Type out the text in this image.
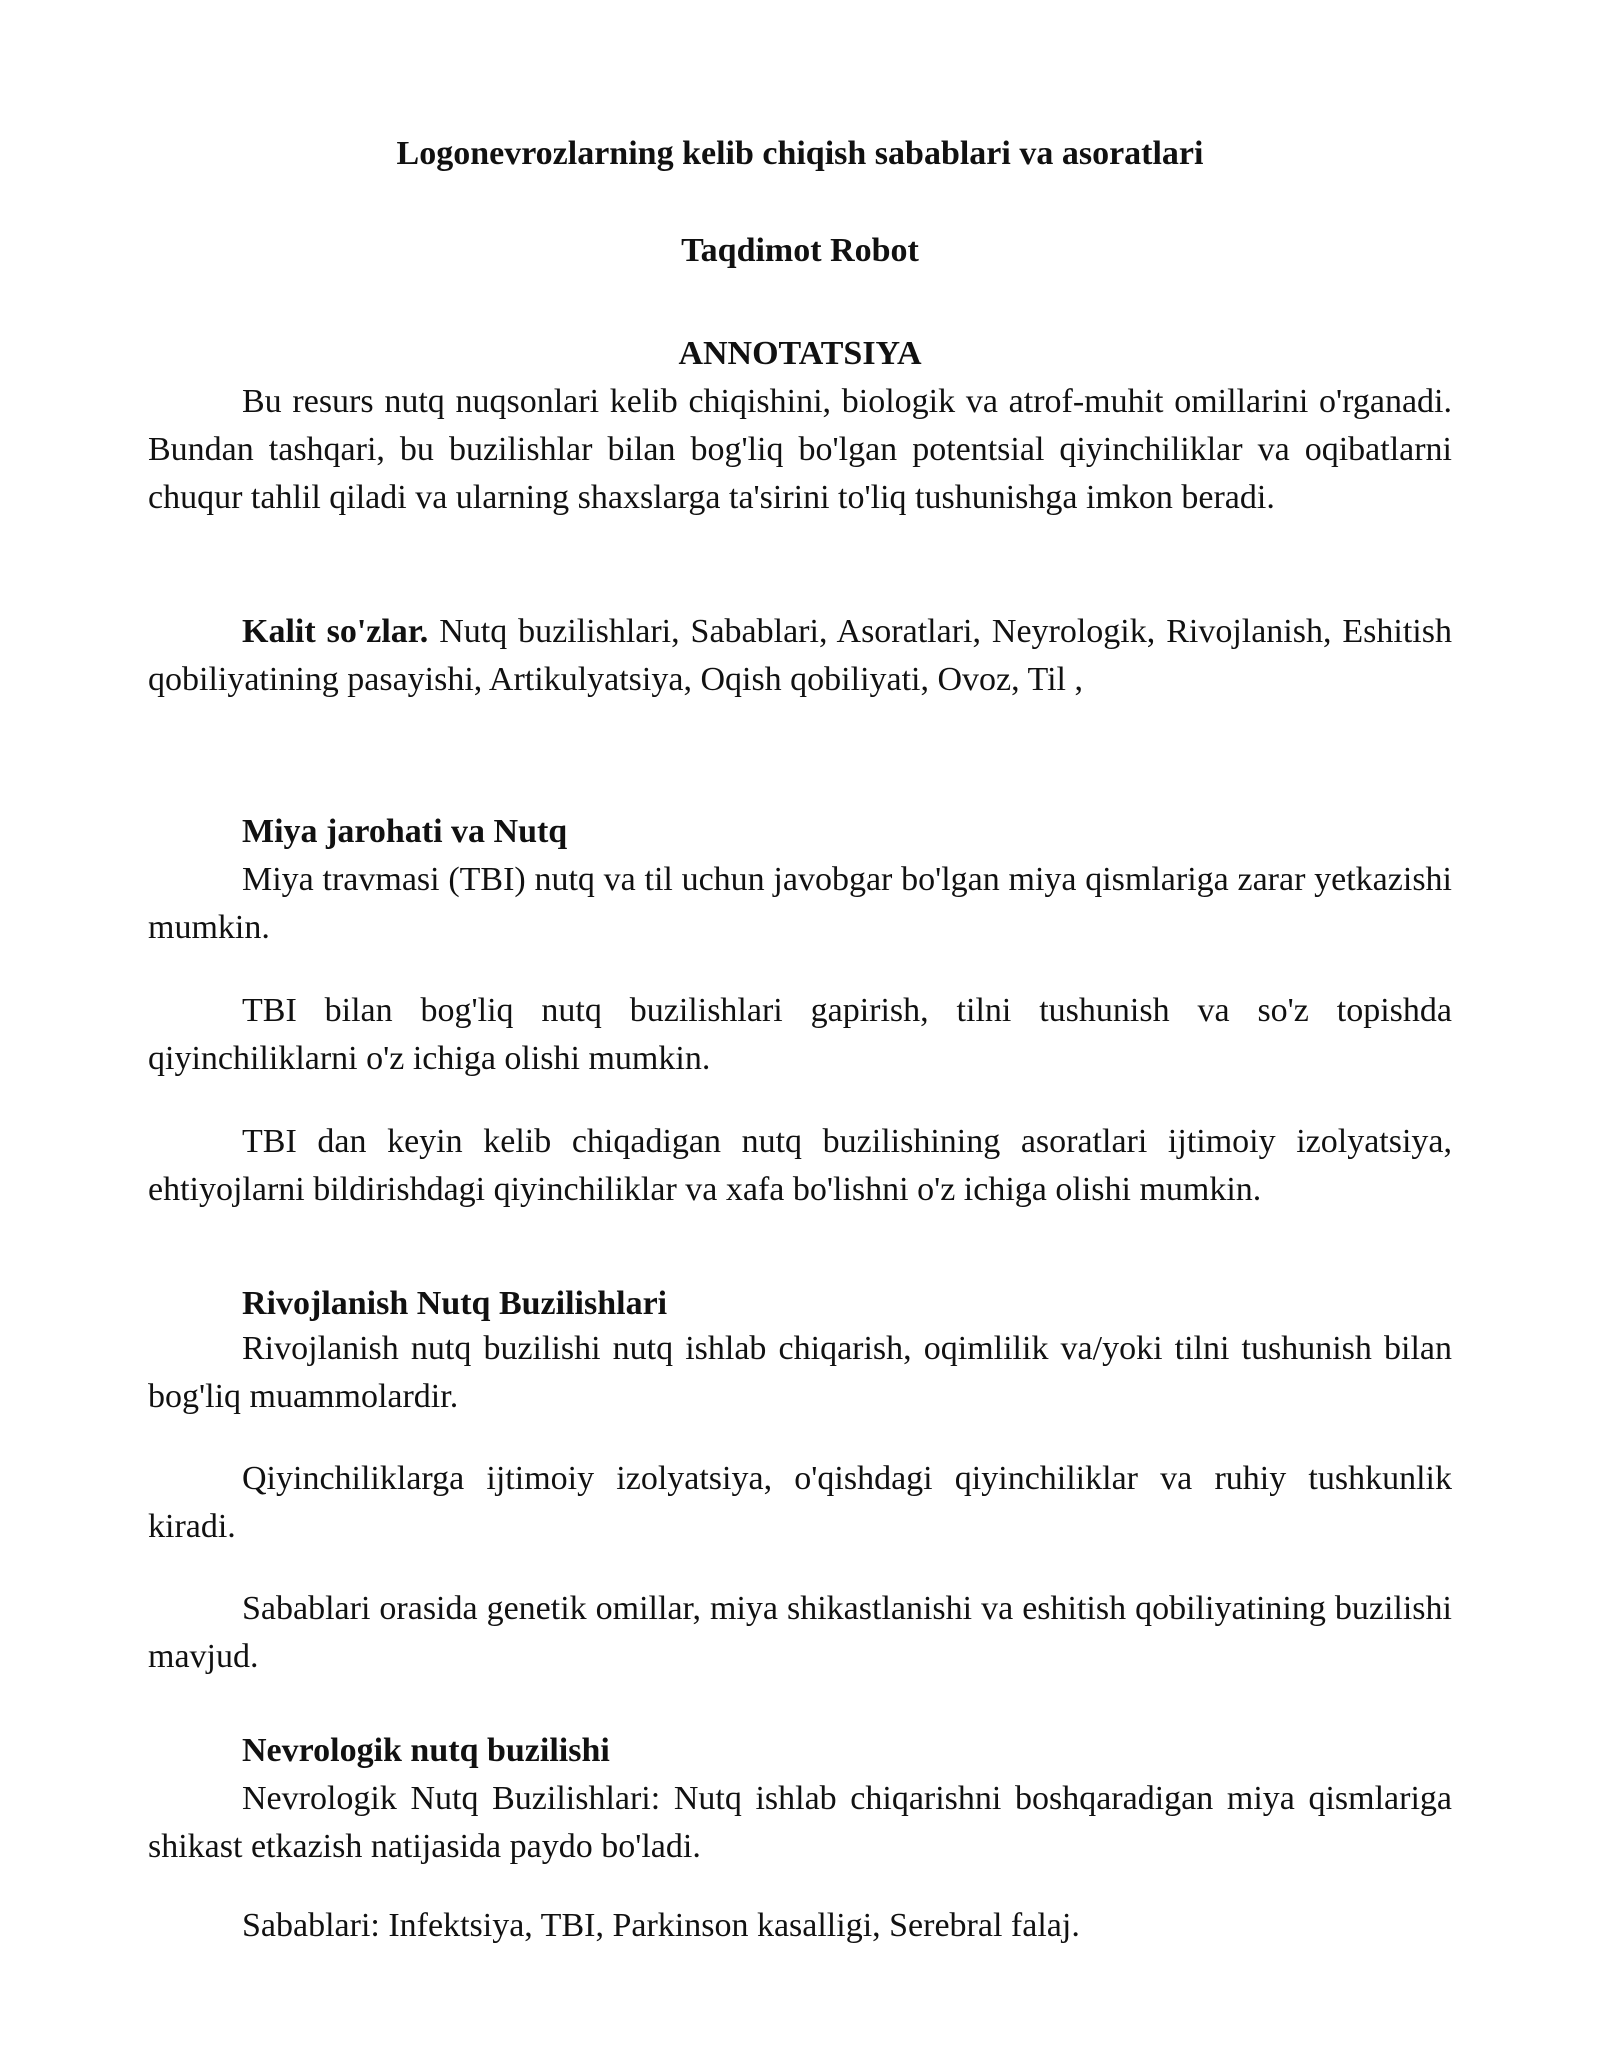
Logonevrozlarning kelib chiqish sabablari va asoratlari

Taqdimot Robot

ANNOTATSIYA

Bu resurs nutq nuqsonlari kelib chiqishini, biologik va atrof-muhit omillarini o'rganadi. Bundan tashqari, bu buzilishlar bilan bog'liq bo'lgan potentsial qiyinchiliklar va oqibatlarni chuqur tahlil qiladi va ularning shaxslarga ta'sirini to'liq tushunishga imkon beradi.

Kalit so'zlar. Nutq buzilishlari, Sabablari, Asoratlari, Neyrologik, Rivojlanish, Eshitish qobiliyatining pasayishi, Artikulyatsiya, Oqish qobiliyati, Ovoz, Til ,

Miya jarohati va Nutq

Miya travmasi (TBI) nutq va til uchun javobgar bo'lgan miya qismlariga zarar yetkazishi mumkin.

TBI bilan bog'liq nutq buzilishlari gapirish, tilni tushunish va so'z topishda qiyinchiliklarni o'z ichiga olishi mumkin.

TBI dan keyin kelib chiqadigan nutq buzilishining asoratlari ijtimoiy izolyatsiya, ehtiyojlarni bildirishdagi qiyinchiliklar va xafa bo'lishni o'z ichiga olishi mumkin.

Rivojlanish Nutq Buzilishlari

Rivojlanish nutq buzilishi nutq ishlab chiqarish, oqimlilik va/yoki tilni tushunish bilan bog'liq muammolardir.

Qiyinchiliklarga ijtimoiy izolyatsiya, o'qishdagi qiyinchiliklar va ruhiy tushkunlik kiradi.

Sabablari orasida genetik omillar, miya shikastlanishi va eshitish qobiliyatining buzilishi mavjud.

Nevrologik nutq buzilishi

Nevrologik Nutq Buzilishlari: Nutq ishlab chiqarishni boshqaradigan miya qismlariga shikast etkazish natijasida paydo bo'ladi.

Sabablari: Infektsiya, TBI, Parkinson kasalligi, Serebral falaj.
